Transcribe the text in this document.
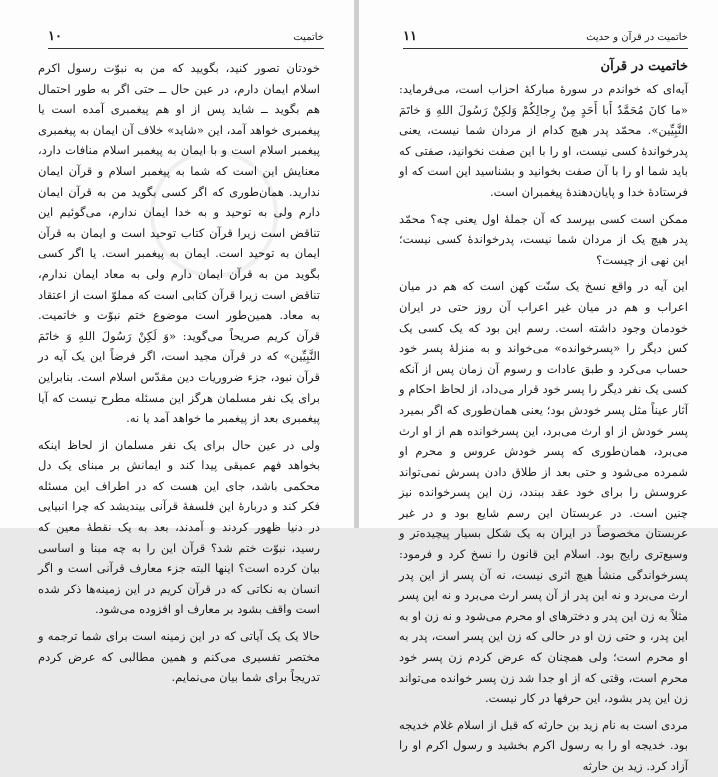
۱۰	خاتمیت

خودتان تصور کنید، بگویید که من به نبوّت رسول اکرم اسلام ایمان دارم، در عین حال ــ حتی اگر به طور احتمال هم بگوید ــ شاید پس از او هم پیغمبری آمده است یا پیغمبری خواهد آمد، این «شاید» خلاف آن ایمان به پیغمبری پیغمبر اسلام است و با ایمان به پیغمبر اسلام منافات دارد، معنایش این است که شما به پیغمبر اسلام و قرآن ایمان ندارید. همان‌طوری که اگر کسی بگوید من به قرآن ایمان دارم ولی به توحید و به خدا ایمان ندارم، می‌گوئیم این تناقض است زیرا قرآن کتاب توحید است و ایمان به قرآن ایمان به توحید است. ایمان به پیغمبر است. یا اگر کسی بگوید من به قرآن ایمان دارم ولی به معاد ایمان ندارم، تناقض است زیرا قرآن کتابی است که مملوّ است از اعتقاد به معاد. همین‌طور است موضوع ختم نبوّت و خاتمیت. قرآن کریم صریحاً می‌گوید: «وَ لَكِنْ رَسُولَ اللهِ وَ خاتَمَ النَّبِيِّين» که در قرآن مجید است، اگر فرضاً این یک آیه در قرآن نبود، جزء ضروریات دین مقدّس اسلام است. بنابراین برای یک نفر مسلمان هرگز این مسئله مطرح نیست که آیا پیغمبری بعد از پیغمبر ما خواهد آمد یا نه.

ولی در عین حال برای یک نفر مسلمان از لحاظ اینکه بخواهد فهم عمیقی پیدا کند و ایمانش بر مبنای یک دل محکمی باشد، جای این هست که در اطراف این مسئله فکر کند و دربارهٔ این فلسفهٔ قرآنی بیندیشد که چرا انبیایی در دنیا ظهور کردند و آمدند، بعد به یک نقطهٔ معین که رسید، نبوّت ختم شد؟ قرآن این را به چه مبنا و اساسی بیان کرده است؟ اینها البته جزء معارف قرآنی است و اگر انسان به نکاتی که در قرآن کریم در این زمینه‌ها ذکر شده است واقف بشود بر معارف او افزوده می‌شود.

حالا یک یک آیاتی که در این زمینه است برای شما ترجمه و مختصر تفسیری می‌کنم و همین مطالبی که عرض کردم تدریجاً برای شما بیان می‌نمایم.

۱۱	خاتمیت در قرآن و حدیث
خاتمیت در قرآن

آیه‌ای که خواندم در سورهٔ مبارکهٔ احزاب است، می‌فرماید: «ما كانَ مُحَمَّدٌ أَبا أَحَدٍ مِنْ رِجالِكُمْ وَلكِنْ رَسُولَ اللهِ وَ خاتَمَ النَّبِيِّين». محمّد پدر هیچ کدام از مردان شما نیست، یعنی پدرخواندهٔ کسی نیست، او را با این صفت نخوانید، صفتی که باید شما او را با آن صفت بخوانید و بشناسید این است که او فرستادهٔ خدا و پایان‌دهندهٔ پیغمبران است.

ممکن است کسی بپرسد که آن جملهٔ اول یعنی چه؟ محمّد پدر هیچ یک از مردان شما نیست، پدرخواندهٔ کسی نیست؛ این نهی از چیست؟

این آیه در واقع نسخ یک سنّت کهن است که هم در میان اعراب و هم در میان غیر اعراب آن روز حتی در ایران خودمان وجود داشته است. رسم این بود که یک کسی یک کس دیگر را «پسرخوانده» می‌خواند و به منزلهٔ پسر خود حساب می‌کرد و طبق عادات و رسوم آن زمان پس از آنکه کسی یک نفر دیگر را پسر خود قرار می‌داد، از لحاظ احکام و آثار عیناً مثل پسر خودش بود؛ یعنی همان‌طوری که اگر بمیرد پسر خودش از او ارث می‌برد، این پسرخوانده هم از او ارث می‌برد، همان‌طوری که پسر خودش عروس و محرم او شمرده می‌شود و حتی بعد از طلاق دادن پسرش نمی‌تواند عروسش را برای خود عقد ببندد، زن این پسرخوانده نیز چنین است. در عربستان این رسم شایع بود و در غیر عربستان مخصوصاً در ایران به یک شکل بسیار پیچیده‌تر و وسیع‌تری رایج بود. اسلام این قانون را نسخ کرد و فرمود: پسرخواندگی منشأ هیچ اثری نیست، نه آن پسر از این پدر ارث می‌برد و نه این پدر از آن پسر ارث می‌برد و نه این پسر مثلاً به زن این پدر و دخترهای او محرم می‌شود و نه زن او به این پدر، و حتی زن او در حالی که زن این پسر است، پدر به او محرم است؛ ولی همچنان که عرض کردم زن پسر خود محرم است، وقتی که از او جدا شد زن پسر خوانده می‌تواند زن این پدر بشود، این حرفها در کار نیست.

مردی است به نام زید بن حارثه که قبل از اسلام غلام خدیجه بود. خدیجه او را به رسول اکرم بخشید و رسول اکرم او را آزاد کرد. زید بن حارثه
